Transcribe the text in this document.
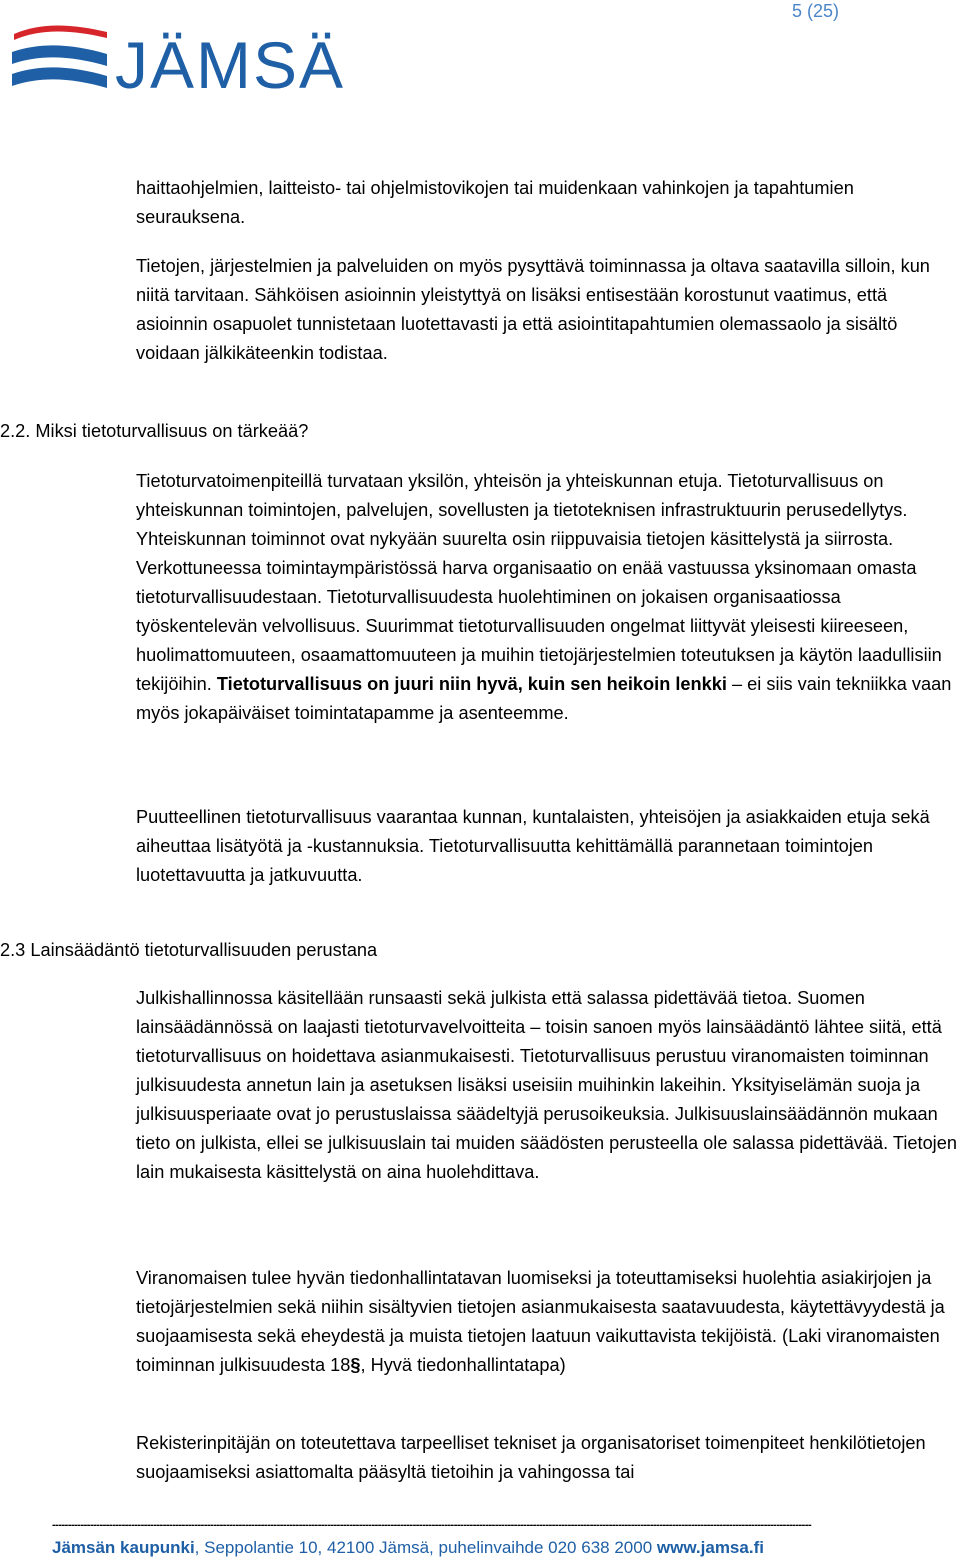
5 (25)
JÄMSÄ

haittaohjelmien, laitteisto- tai ohjelmistovikojen tai muidenkaan vahinkojen ja tapahtumien seurauksena.

Tietojen, järjestelmien ja palveluiden on myös pysyttävä toiminnassa ja oltava saatavilla silloin, kun niitä tarvitaan. Sähköisen asioinnin yleistyttyä on lisäksi entisestään korostunut vaatimus, että asioinnin osapuolet tunnistetaan luotettavasti ja että asiointitapahtumien olemassaolo ja sisältö voidaan jälkikäteenkin todistaa.

2.2. Miksi tietoturvallisuus on tärkeää?

Tietoturvatoimenpiteillä turvataan yksilön, yhteisön ja yhteiskunnan etuja. Tietoturvallisuus on yhteiskunnan toimintojen, palvelujen, sovellusten ja tietoteknisen infrastruktuurin perusedellytys. Yhteiskunnan toiminnot ovat nykyään suurelta osin riippuvaisia tietojen käsittelystä ja siirrosta. Verkottuneessa toimintaympäristössä harva organisaatio on enää vastuussa yksinomaan omasta tietoturvallisuudestaan. Tietoturvallisuudesta huolehtiminen on jokaisen organisaatiossa työskentelevän velvollisuus. Suurimmat tietoturvallisuuden ongelmat liittyvät yleisesti kiireeseen, huolimattomuuteen, osaamattomuuteen ja muihin tietojärjestelmien toteutuksen ja käytön laadullisiin tekijöihin. Tietoturvallisuus on juuri niin hyvä, kuin sen heikoin lenkki – ei siis vain tekniikka vaan myös jokapäiväiset toimintatapamme ja asenteemme.

Puutteellinen tietoturvallisuus vaarantaa kunnan, kuntalaisten, yhteisöjen ja asiakkaiden etuja sekä aiheuttaa lisätyötä ja -kustannuksia. Tietoturvallisuutta kehittämällä parannetaan toimintojen luotettavuutta ja jatkuvuutta.

2.3 Lainsäädäntö tietoturvallisuuden perustana

Julkishallinnossa käsitellään runsaasti sekä julkista että salassa pidettävää tietoa. Suomen lainsäädännössä on laajasti tietoturvavelvoitteita – toisin sanoen myös lainsäädäntö lähtee siitä, että tietoturvallisuus on hoidettava asianmukaisesti. Tietoturvallisuus perustuu viranomaisten toiminnan julkisuudesta annetun lain ja asetuksen lisäksi useisiin muihinkin lakeihin. Yksityiselämän suoja ja julkisuusperiaate ovat jo perustuslaissa säädeltyjä perusoikeuksia. Julkisuuslainsäädännön mukaan tieto on julkista, ellei se julkisuuslain tai muiden säädösten perusteella ole salassa pidettävää. Tietojen lain mukaisesta käsittelystä on aina huolehdittava.

Viranomaisen tulee hyvän tiedonhallintatavan luomiseksi ja toteuttamiseksi huolehtia asiakirjojen ja tietojärjestelmien sekä niihin sisältyvien tietojen asianmukaisesta saatavuudesta, käytettävyydestä ja suojaamisesta sekä eheydestä ja muista tietojen laatuun vaikuttavista tekijöistä. (Laki viranomaisten toiminnan julkisuudesta 18§, Hyvä tiedonhallintatapa)

Rekisterinpitäjän on toteutettava tarpeelliset tekniset ja organisatoriset toimenpiteet henkilötietojen suojaamiseksi asiattomalta pääsyltä tietoihin ja vahingossa tai

------------------------------------------------------------------------------------------------------------------------------------------------------------------------------------------------------------------------------------------------
Jämsän kaupunki, Seppolantie 10, 42100 Jämsä, puhelinvaihde 020 638 2000 www.jamsa.fi
